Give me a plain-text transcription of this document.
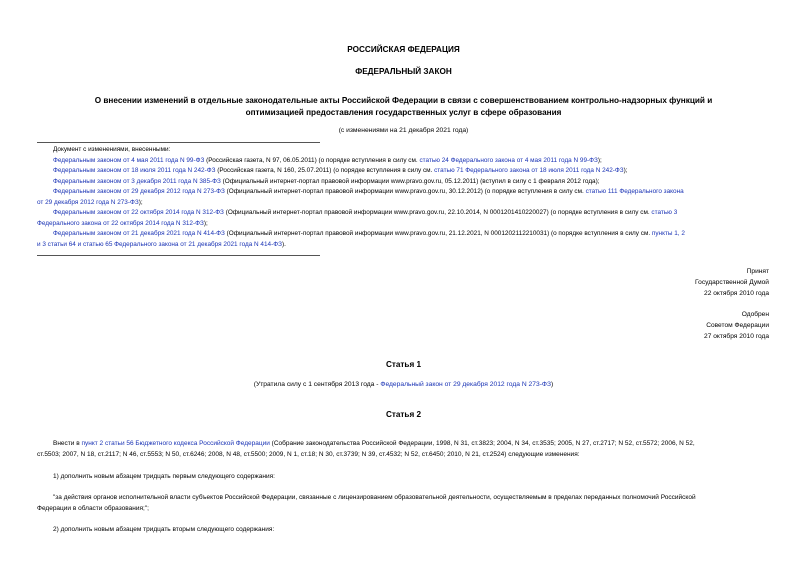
РОССИЙСКАЯ ФЕДЕРАЦИЯ
ФЕДЕРАЛЬНЫЙ ЗАКОН
О внесении изменений в отдельные законодательные акты Российской Федерации в связи с совершенствованием контрольно-надзорных функций и
оптимизацией предоставления государственных услуг в сфере образования
(с изменениями на 21 декабря 2021 года)

Документ с изменениями, внесенными:

Федеральным законом от 4 мая 2011 года N 99-ФЗ (Российская газета, N 97, 06.05.2011) (о порядке вступления в силу см. статью 24 Федерального закона от 4 мая 2011 года N 99-ФЗ);

Федеральным законом от 18 июля 2011 года N 242-ФЗ (Российская газета, N 160, 25.07.2011) (о порядке вступления в силу см. статью 71 Федерального закона от 18 июля 2011 года N 242-ФЗ);

Федеральным законом от 3 декабря 2011 года N 385-ФЗ (Официальный интернет-портал правовой информации www.pravo.gov.ru, 05.12.2011) (вступил в силу с 1 февраля 2012 года);

Федеральным законом от 29 декабря 2012 года N 273-ФЗ (Официальный интернет-портал правовой информации www.pravo.gov.ru, 30.12.2012) (о порядке вступления в силу см. статью 111 Федерального закона

от 29 декабря 2012 года N 273-ФЗ);

Федеральным законом от 22 октября 2014 года N 312-ФЗ (Официальный интернет-портал правовой информации www.pravo.gov.ru, 22.10.2014, N 0001201410220027) (о порядке вступления в силу см. статью 3

Федерального закона от 22 октября 2014 года N 312-ФЗ);

Федеральным законом от 21 декабря 2021 года N 414-ФЗ (Официальный интернет-портал правовой информации www.pravo.gov.ru, 21.12.2021, N 0001202112210031) (о порядке вступления в силу см. пункты 1, 2

и 3 статьи 64 и статью 65 Федерального закона от 21 декабря 2021 года N 414-ФЗ).

Принят
Государственной Думой
22 октября 2010 года
Одобрен
Советом Федерации
27 октября 2010 года
Статья 1
(Утратила силу с 1 сентября 2013 года - Федеральный закон от 29 декабря 2012 года N 273-ФЗ)
Статья 2

Внести в пункт 2 статьи 56 Бюджетного кодекса Российской Федерации (Собрание законодательства Российской Федерации, 1998, N 31, ст.3823; 2004, N 34, ст.3535; 2005, N 27, ст.2717; N 52, ст.5572; 2006, N 52,

ст.5503; 2007, N 18, ст.2117; N 46, ст.5553; N 50, ст.6246; 2008, N 48, ст.5500; 2009, N 1, ст.18; N 30, ст.3739; N 39, ст.4532; N 52, ст.6450; 2010, N 21, ст.2524) следующие изменения:

1) дополнить новым абзацем тридцать первым следующего содержания:

"за действия органов исполнительной власти субъектов Российской Федерации, связанные с лицензированием образовательной деятельности, осуществляемым в пределах переданных полномочий Российской

Федерации в области образования;";

2) дополнить новым абзацем тридцать вторым следующего содержания:
